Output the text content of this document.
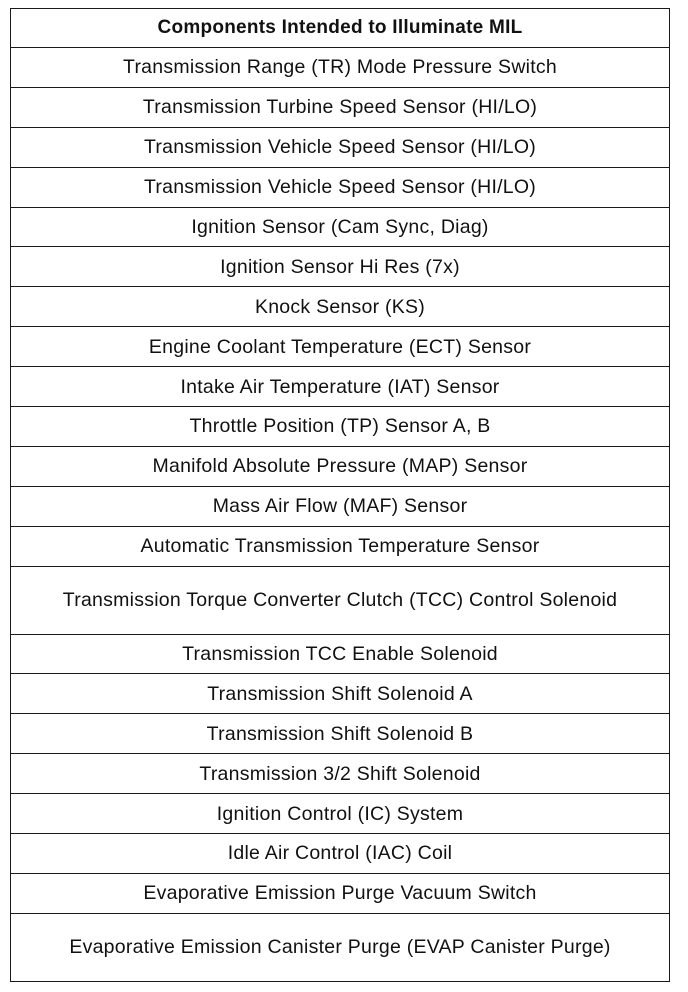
Components Intended to Illuminate MIL
Transmission Range (TR) Mode Pressure Switch
Transmission Turbine Speed Sensor (HI/LO)
Transmission Vehicle Speed Sensor (HI/LO)
Transmission Vehicle Speed Sensor (HI/LO)
Ignition Sensor (Cam Sync, Diag)
Ignition Sensor Hi Res (7x)
Knock Sensor (KS)
Engine Coolant Temperature (ECT) Sensor
Intake Air Temperature (IAT) Sensor
Throttle Position (TP) Sensor A, B
Manifold Absolute Pressure (MAP) Sensor
Mass Air Flow (MAF) Sensor
Automatic Transmission Temperature Sensor
Transmission Torque Converter Clutch (TCC) Control Solenoid
Transmission TCC Enable Solenoid
Transmission Shift Solenoid A
Transmission Shift Solenoid B
Transmission 3/2 Shift Solenoid
Ignition Control (IC) System
Idle Air Control (IAC) Coil
Evaporative Emission Purge Vacuum Switch
Evaporative Emission Canister Purge (EVAP Canister Purge)
